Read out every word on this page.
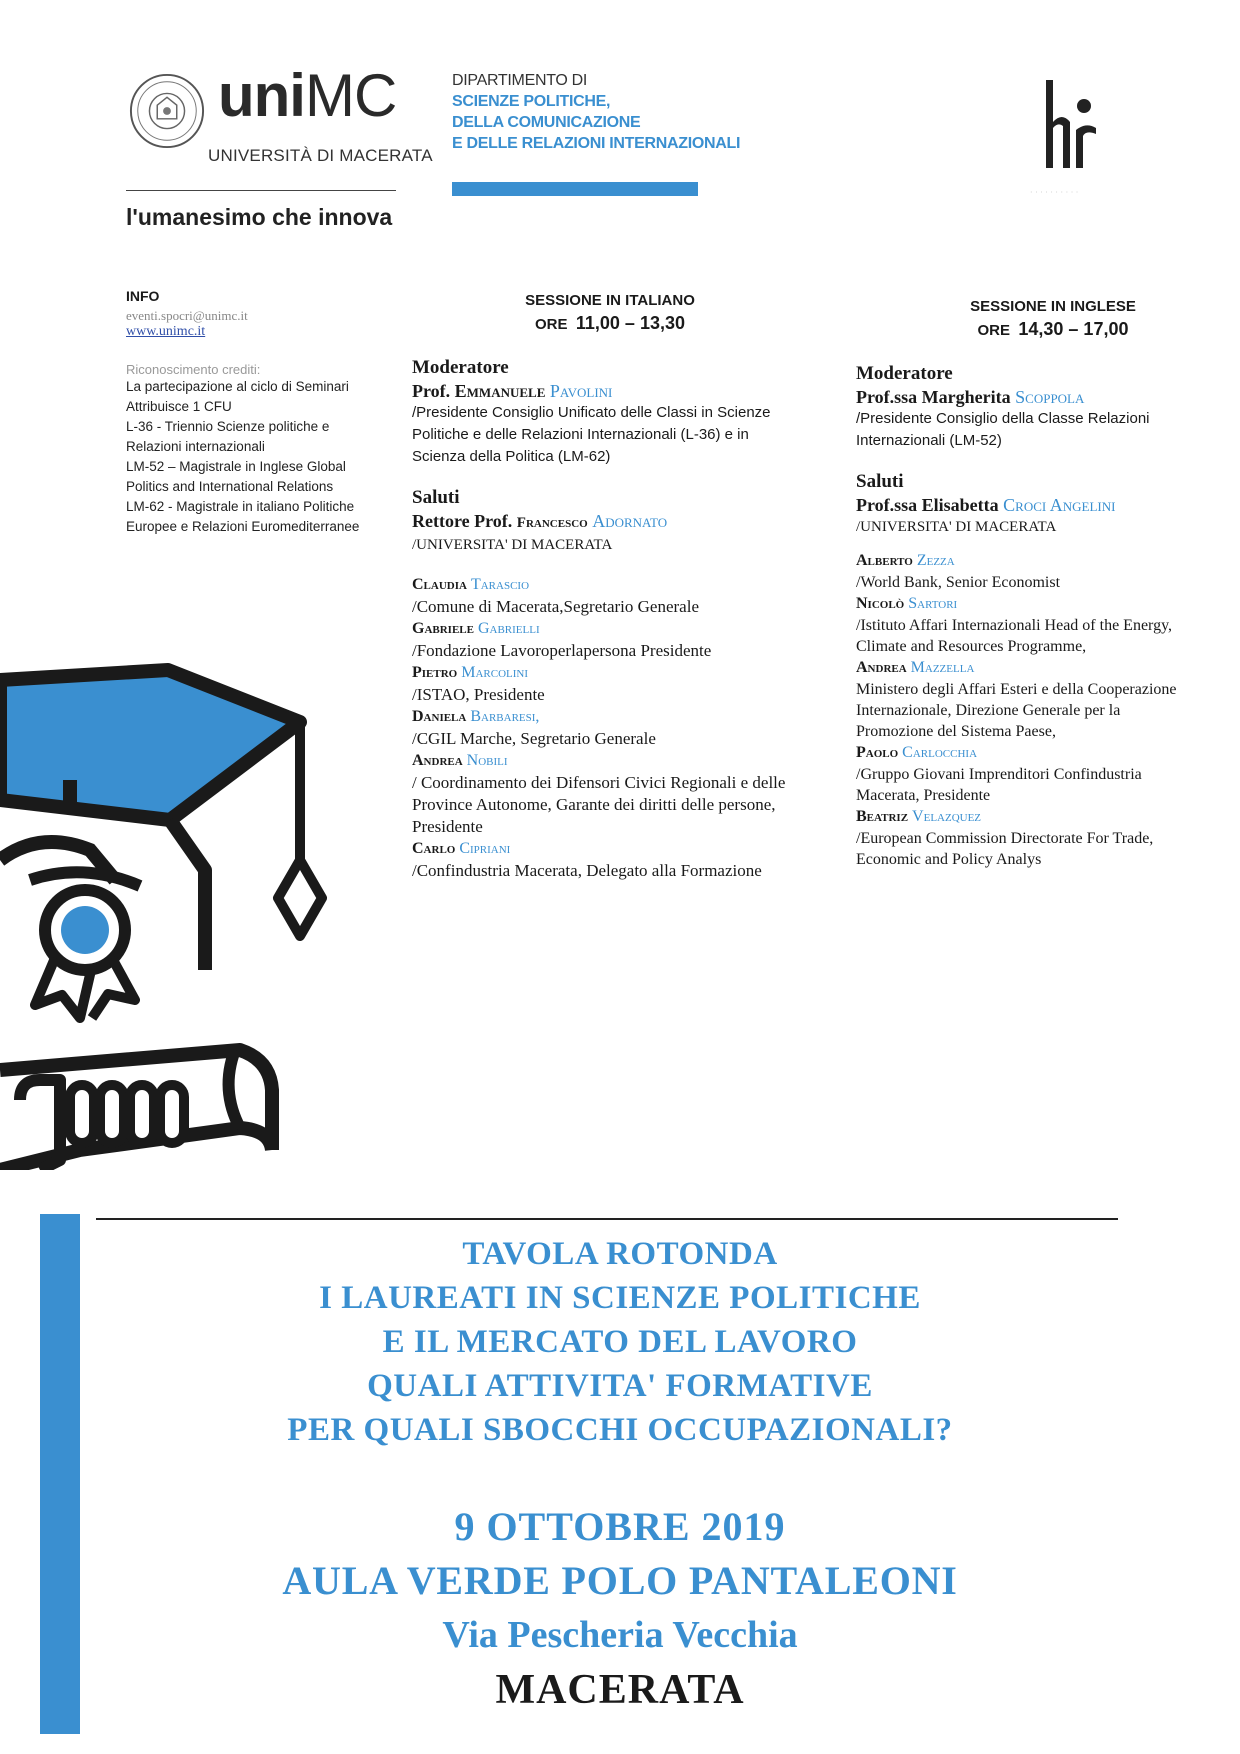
uniMC
UNIVERSITÀ DI MACERATA
l'umanesimo che innova
DIPARTIMENTO DI
SCIENZE POLITICHE,
DELLA COMUNICAZIONE
E DELLE RELAZIONI INTERNAZIONALI
· · · · · · · · · ·
INFO
eventi.spocri@unimc.it
www.unimc.it
Riconoscimento crediti:
La partecipazione al ciclo di Seminari
Attribuisce 1 CFU
L-36 - Triennio Scienze politiche e
Relazioni internazionali
LM-52 – Magistrale in Inglese Global
Politics and International Relations
LM-62 - Magistrale in italiano Politiche
Europee e Relazioni Euromediterranee
SESSIONE IN ITALIANO
ORE 11,00 – 13,30
SESSIONE IN INGLESE
ORE 14,30 – 17,00
Moderatore
Prof. Emmanuele Pavolini
/Presidente Consiglio Unificato delle Classi in Scienze Politiche e delle Relazioni Internazionali (L-36) e in Scienza della Politica (LM-62)
Saluti
Rettore Prof. Francesco Adornato
/UNIVERSITA' DI MACERATA
Claudia Tarascio
/Comune di Macerata,Segretario Generale
Gabriele Gabrielli
/Fondazione Lavoroperlapersona Presidente
Pietro Marcolini
/ISTAO, Presidente
Daniela Barbaresi,
/CGIL Marche, Segretario Generale
Andrea Nobili
/ Coordinamento dei Difensori Civici Regionali e delle Province Autonome, Garante dei diritti delle persone, Presidente
Carlo Cipriani
/Confindustria Macerata, Delegato alla Formazione
Moderatore
Prof.ssa Margherita Scoppola
/Presidente Consiglio della Classe Relazioni Internazionali (LM-52)
Saluti
Prof.ssa Elisabetta Croci Angelini
/UNIVERSITA' DI MACERATA
Alberto Zezza
/World Bank, Senior Economist
Nicolò Sartori
/Istituto Affari Internazionali Head of the Energy, Climate and Resources Programme,
Andrea Mazzella
Ministero degli Affari Esteri e della Cooperazione Internazionale, Direzione Generale per la Promozione del Sistema Paese,
Paolo Carlocchia
/Gruppo Giovani Imprenditori Confindustria Macerata, Presidente
Beatriz Velazquez
/European Commission Directorate For Trade, Economic and Policy Analys
TAVOLA ROTONDA
I LAUREATI IN SCIENZE POLITICHE
E IL MERCATO DEL LAVORO
QUALI ATTIVITA' FORMATIVE
PER QUALI SBOCCHI OCCUPAZIONALI?
9 OTTOBRE 2019
AULA VERDE POLO PANTALEONI
Via Pescheria Vecchia
MACERATA
